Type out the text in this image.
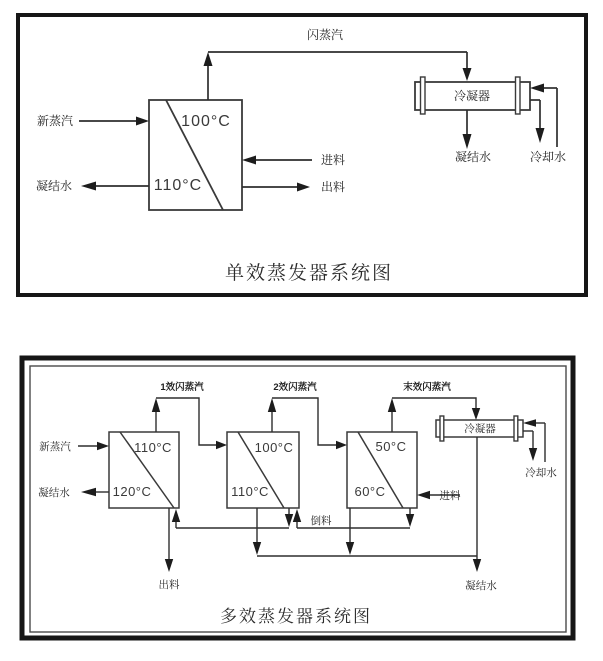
100°C
110°C
新蒸汽
凝结水
闪蒸汽
进料
出料
冷凝器
凝结水	冷却水
单效蒸发器系统图
110°C
120°C
100°C
110°C
50°C
60°C
新蒸汽
凝结水
1效闪蒸汽	2效闪蒸汽	末效闪蒸汽
冷凝器
冷却水
凝结水
倒料
进料
出料
多效蒸发器系统图
